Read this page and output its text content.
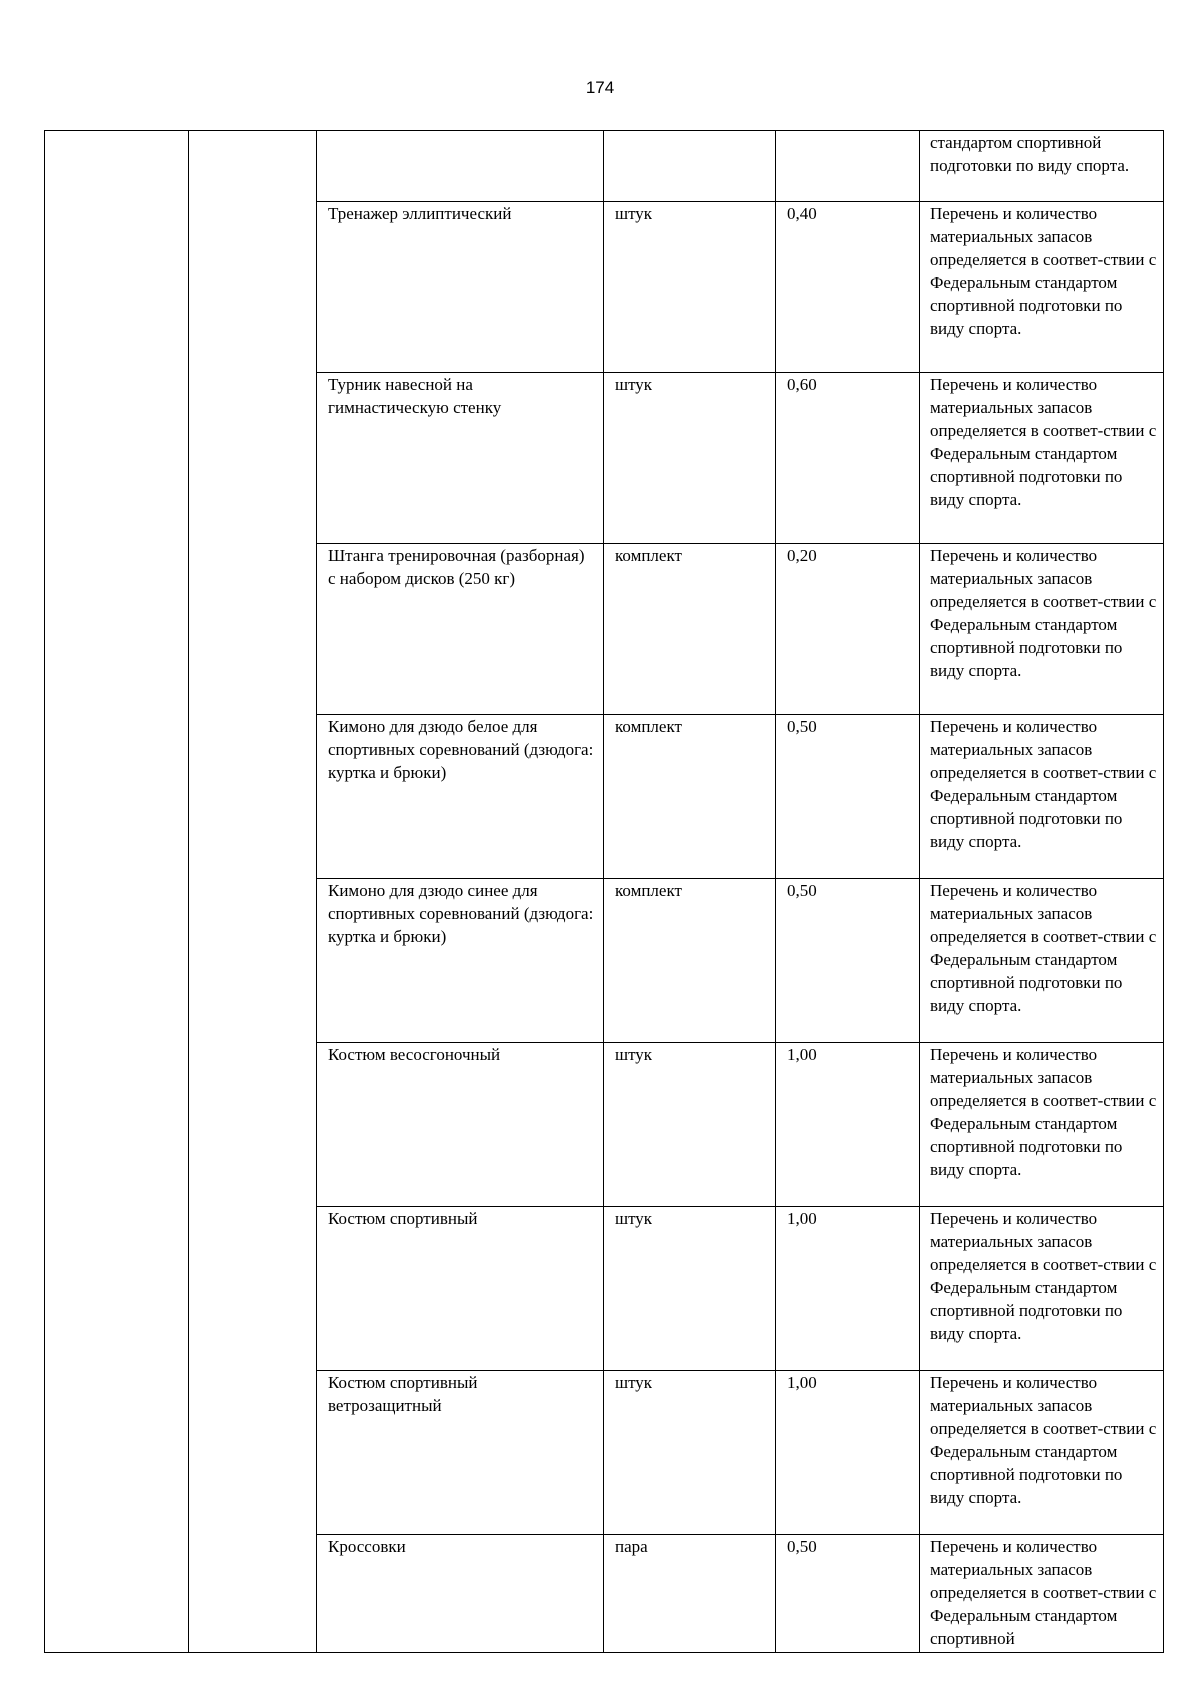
174
					стандартом спортивной подготовки по виду спорта.
		Тренажер эллиптический	штук	0,40	Перечень и количество материальных запасов определяется в соответ-ствии с Федеральным стандартом спортивной подготовки по виду спорта.
		Турник навесной на гимнастическую стенку	штук	0,60	Перечень и количество материальных запасов определяется в соответ-ствии с Федеральным стандартом спортивной подготовки по виду спорта.
		Штанга тренировочная (разборная) с набором дисков (250 кг)	комплект	0,20	Перечень и количество материальных запасов определяется в соответ-ствии с Федеральным стандартом спортивной подготовки по виду спорта.
		Кимоно для дзюдо белое для спортивных соревнований (дзюдога: куртка и брюки)	комплект	0,50	Перечень и количество материальных запасов определяется в соответ-ствии с Федеральным стандартом спортивной подготовки по виду спорта.
		Кимоно для дзюдо синее для спортивных соревнований (дзюдога: куртка и брюки)	комплект	0,50	Перечень и количество материальных запасов определяется в соответ-ствии с Федеральным стандартом спортивной подготовки по виду спорта.
		Костюм весосгоночный	штук	1,00	Перечень и количество материальных запасов определяется в соответ-ствии с Федеральным стандартом спортивной подготовки по виду спорта.
		Костюм спортивный	штук	1,00	Перечень и количество материальных запасов определяется в соответ-ствии с Федеральным стандартом спортивной подготовки по виду спорта.
		Костюм спортивный ветрозащитный	штук	1,00	Перечень и количество материальных запасов определяется в соответ-ствии с Федеральным стандартом спортивной подготовки по виду спорта.
		Кроссовки	пара	0,50	Перечень и количество материальных запасов определяется в соответ-ствии с Федеральным стандартом спортивной
